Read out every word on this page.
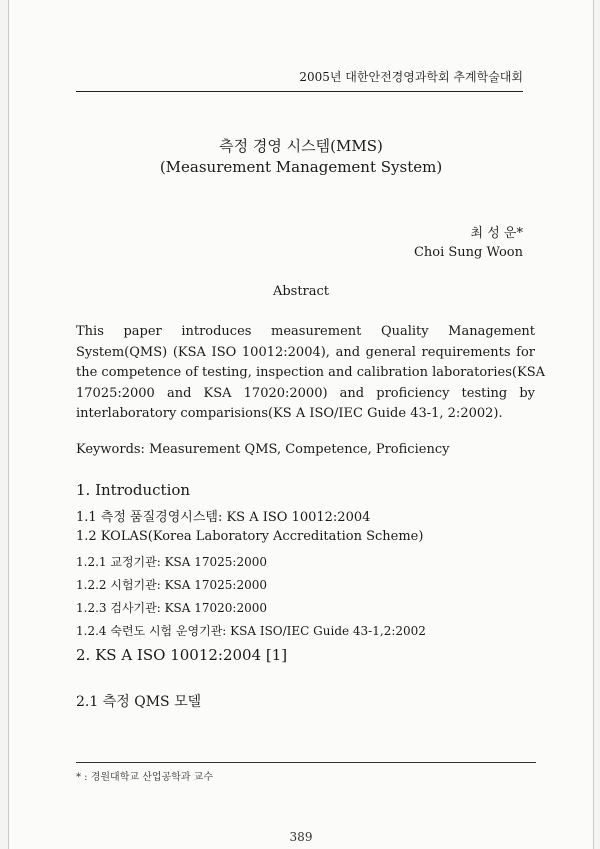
2005년 대한안전경영과학회 추계학술대회
측정 경영 시스템(MMS)
(Measurement Management System)
최 성 운*
Choi Sung Woon
Abstract
This paper introduces measurement Quality Management
System(QMS) (KSA ISO 10012:2004), and general requirements for
the competence of testing, inspection and calibration laboratories(KSA
17025:2000 and KSA 17020:2000) and proficiency testing by
interlaboratory comparisions(KS A ISO/IEC Guide 43-1, 2:2002).
Keywords: Measurement QMS, Competence, Proficiency
1. Introduction
1.1 측정 품질경영시스템: KS A ISO 10012:2004
1.2 KOLAS(Korea Laboratory Accreditation Scheme)
1.2.1 교정기관: KSA 17025:2000
1.2.2 시험기관: KSA 17025:2000
1.2.3 검사기관: KSA 17020:2000
1.2.4 숙련도 시험 운영기관: KSA ISO/IEC Guide 43-1,2:2002
2. KS A ISO 10012:2004 [1]
2.1 측정 QMS 모델
* : 경원대학교 산업공학과 교수
389
